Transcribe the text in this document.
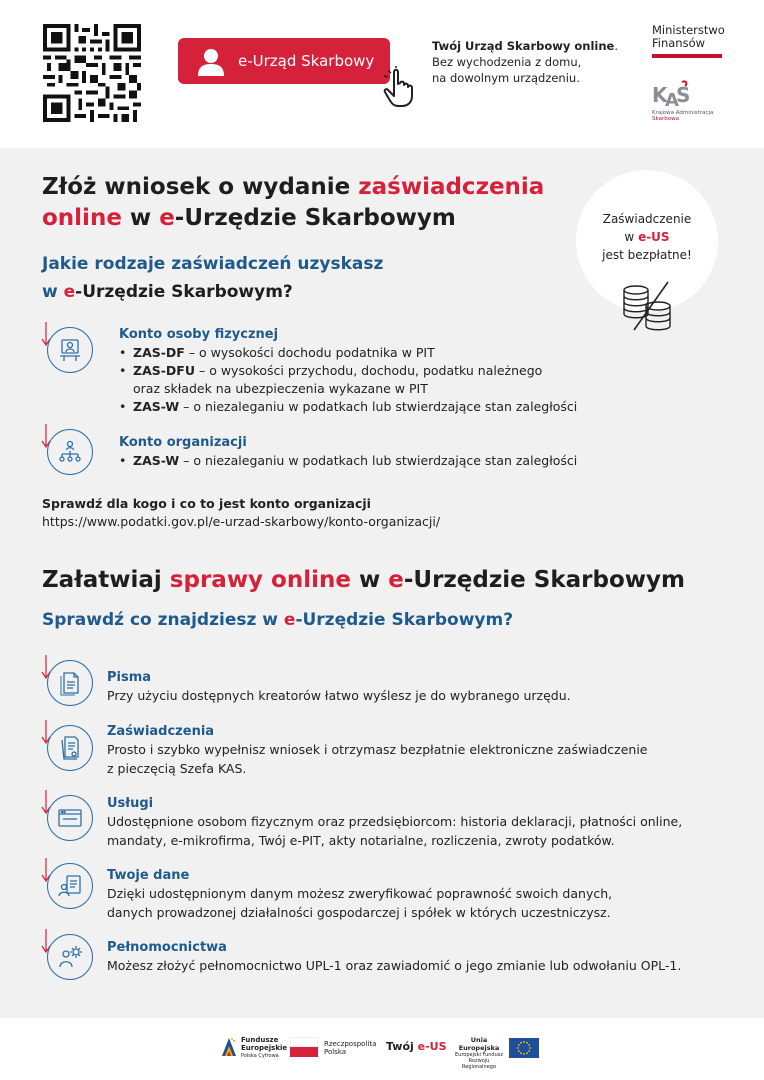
e-Urząd Skarbowy
Twój Urząd Skarbowy online.
Bez wychodzenia z domu,
na dowolnym urządzeniu.
Ministerstwo
Finansów
K
A
S
Krajowa Administracja
Skarbowa
Złóż wniosek o wydanie zaświadczenia
online w e-Urzędzie Skarbowym
Jakie rodzaje zaświadczeń uzyskasz
w e-Urzędzie Skarbowym?
Zaświadczenie
w e-US
jest bezpłatne!
Konto osoby fizycznej
• ZAS-DF – o wysokości dochodu podatnika w PIT
• ZAS-DFU – o wysokości przychodu, dochodu, podatku należnego
oraz składek na ubezpieczenia wykazane w PIT
• ZAS-W – o niezaleganiu w podatkach lub stwierdzające stan zaległości
Konto organizacji
• ZAS-W – o niezaleganiu w podatkach lub stwierdzające stan zaległości
Sprawdź dla kogo i co to jest konto organizacji
https://www.podatki.gov.pl/e-urzad-skarbowy/konto-organizacji/
Załatwiaj sprawy online w e-Urzędzie Skarbowym
Sprawdź co znajdziesz w e-Urzędzie Skarbowym?
Pisma
Przy użyciu dostępnych kreatorów łatwo wyślesz je do wybranego urzędu.
Zaświadczenia
Prosto i szybko wypełnisz wniosek i otrzymasz bezpłatnie elektroniczne zaświadczenie
z pieczęcią Szefa KAS.
Usługi
Udostępnione osobom fizycznym oraz przedsiębiorcom: historia deklaracji, płatności online,
mandaty, e-mikrofirma, Twój e-PIT, akty notarialne, rozliczenia, zwroty podatków.
Twoje dane
Dzięki udostępnionym danym możesz zweryfikować poprawność swoich danych,
danych prowadzonej działalności gospodarczej i spółek w których uczestniczysz.
Pełnomocnictwa
Możesz złożyć pełnomocnictwo UPL-1 oraz zawiadomić o jego zmianie lub odwołaniu OPL-1.
Fundusze
Europejskie
Polska Cyfrowa
Rzeczpospolita
Polska	Twój e-US	Unia Europejska
Europejski Fundusz
Rozwoju Regionalnego
